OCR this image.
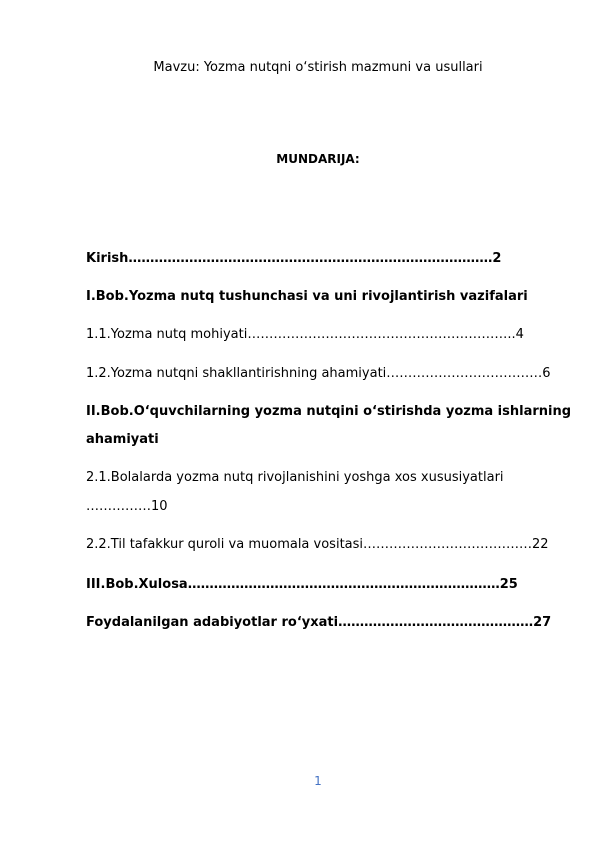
Mavzu: Yozma nutqni o‘stirish mazmuni va usullari
MUNDARIJA:
Kirish…………………………………………………………………………2
I.Bob.Yozma nutq tushunchasi va uni rivojlantirish vazifalari
1.1.Yozma nutq mohiyati……………………………………………………..4
1.2.Yozma nutqni shakllantirishning ahamiyati………………………………6
II.Bob.O‘quvchilarning yozma nutqini o‘stirishda yozma ishlarning
ahamiyati
2.1.Bolalarda yozma nutq rivojlanishini yoshga xos xususiyatlari
……………10
2.2.Til tafakkur quroli va muomala vositasi…………………………………22
III.Bob.Xulosa………………………………………………………………25
Foydalanilgan adabiyotlar ro‘yxati………………………………………27
1
